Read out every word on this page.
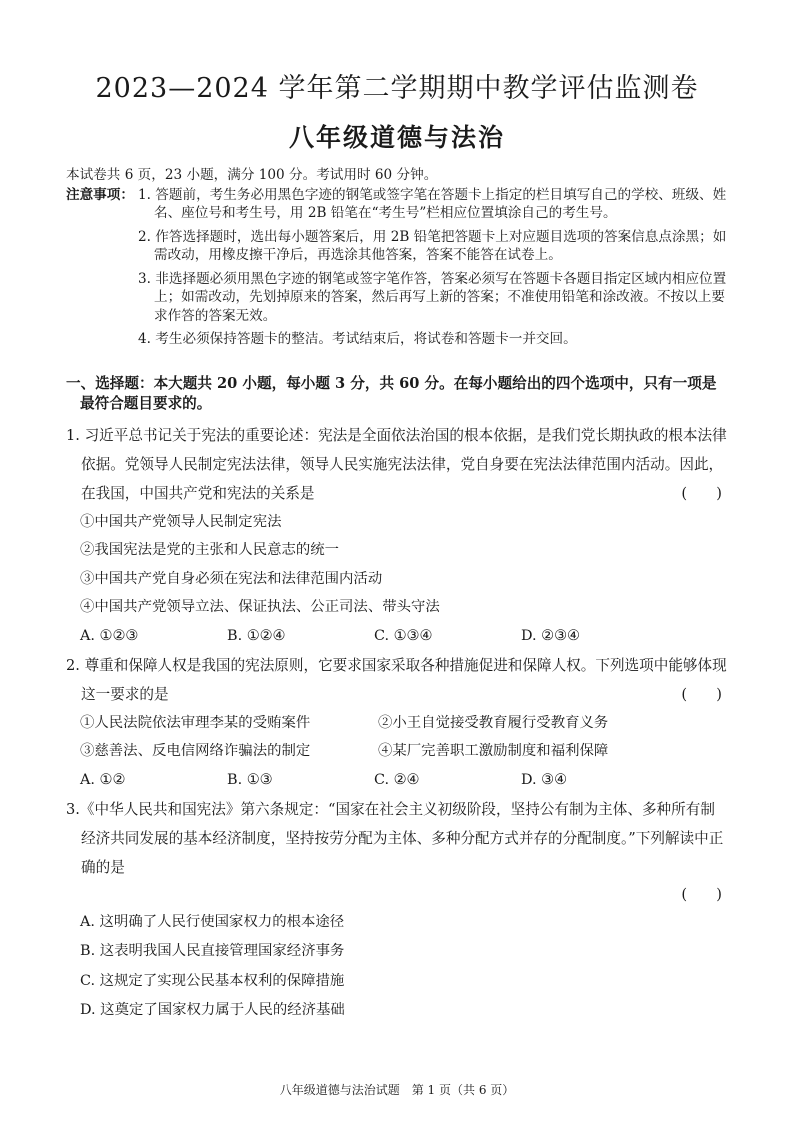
2023—2024 学年第二学期期中教学评估监测卷
八年级道德与法治

本试卷共 6 页，23 小题，满分 100 分。考试用时 60 分钟。

注意事项： 1. 答题前，考生务必用黑色字迹的钢笔或签字笔在答题卡上指定的栏目填写自己的学校、班级、姓名、座位号和考生号，用 2B 铅笔在“考生号”栏相应位置填涂自己的考生号。
2. 作答选择题时，选出每小题答案后，用 2B 铅笔把答题卡上对应题目选项的答案信息点涂黑；如需改动，用橡皮擦干净后，再选涂其他答案，答案不能答在试卷上。
3. 非选择题必须用黑色字迹的钢笔或签字笔作答，答案必须写在答题卡各题目指定区域内相应位置上；如需改动，先划掉原来的答案，然后再写上新的答案；不准使用铅笔和涂改液。不按以上要求作答的答案无效。
4. 考生必须保持答题卡的整洁。考试结束后，将试卷和答题卡一并交回。
一、选择题：本大题共 20 小题，每小题 3 分，共 60 分。在每小题给出的四个选项中，只有一项是最符合题目要求的。

1. 习近平总书记关于宪法的重要论述：宪法是全面依法治国的根本依据，是我们党长期执政的根本法律依据。党领导人民制定宪法法律，领导人民实施宪法法律，党自身要在宪法法律范围内活动。因此，在我国，中国共产党和宪法的关系是	(　　)

①中国共产党领导人民制定宪法
②我国宪法是党的主张和人民意志的统一
③中国共产党自身必须在宪法和法律范围内活动
④中国共产党领导立法、保证执法、公正司法、带头守法
A. ①②③	B. ①②④	C. ①③④	D. ②③④

2. 尊重和保障人权是我国的宪法原则，它要求国家采取各种措施促进和保障人权。下列选项中能够体现这一要求的是	(　　)

①人民法院依法审理李某的受贿案件	②小王自觉接受教育履行受教育义务
③慈善法、反电信网络诈骗法的制定	④某厂完善职工激励制度和福利保障
A. ①②	B. ①③	C. ②④	D. ③④

3.《中华人民共和国宪法》第六条规定：“国家在社会主义初级阶段，坚持公有制为主体、多种所有制经济共同发展的基本经济制度，坚持按劳分配为主体、多种分配方式并存的分配制度。”下列解读中正确的是

(　　)
A. 这明确了人民行使国家权力的根本途径
B. 这表明我国人民直接管理国家经济事务
C. 这规定了实现公民基本权利的保障措施
D. 这奠定了国家权力属于人民的经济基础
八年级道德与法治试题　第 1 页（共 6 页）
